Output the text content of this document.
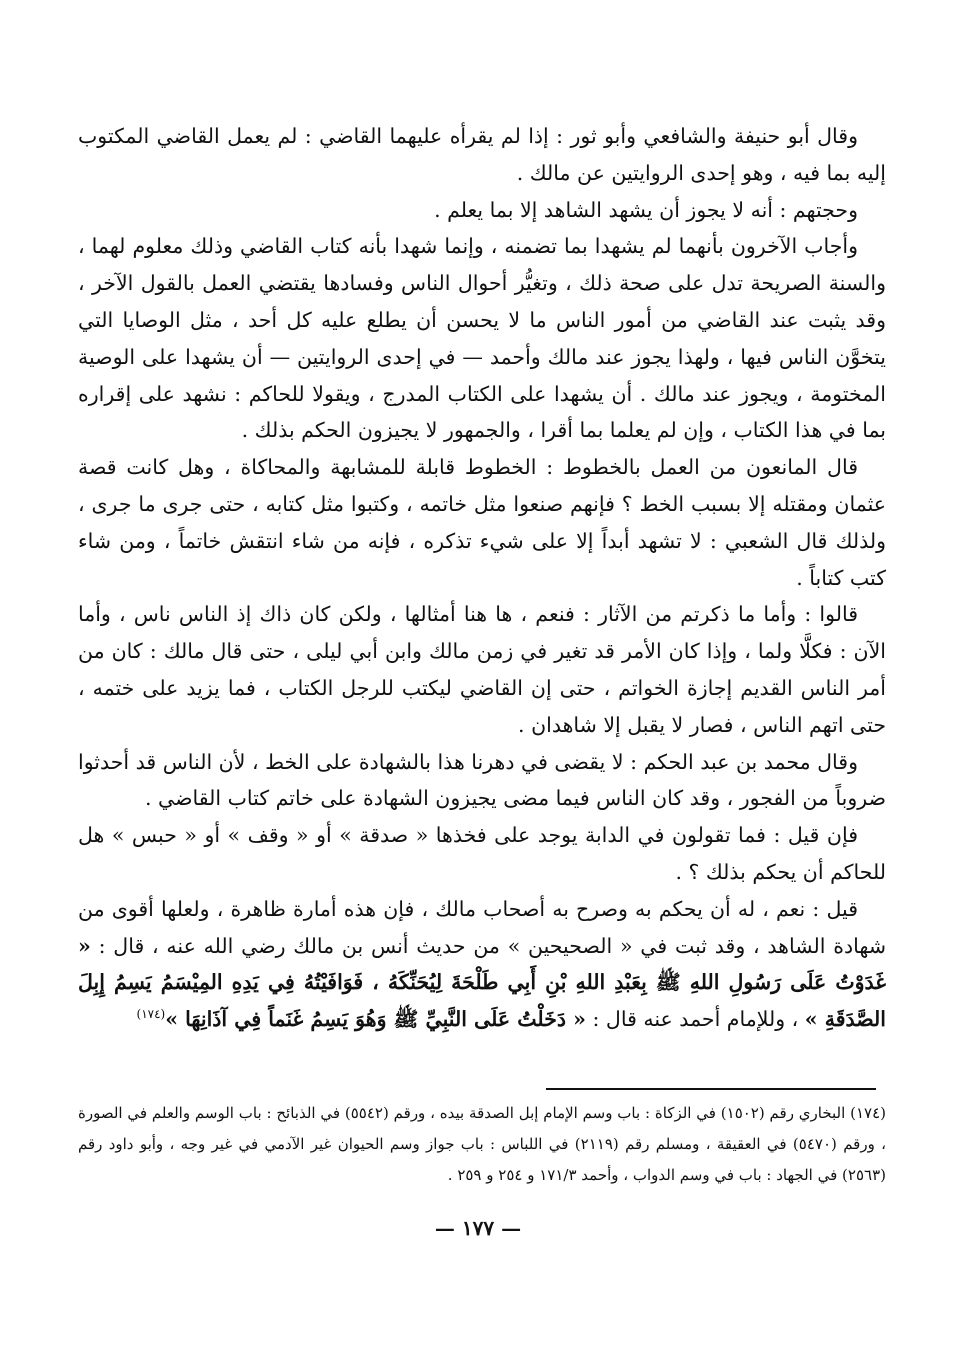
وقال أبو حنيفة والشافعي وأبو ثور : إذا لم يقرأه عليهما القاضي : لم يعمل القاضي المكتوب إليه بما فيه ، وهو إحدى الروايتين عن مالك .

وحجتهم : أنه لا يجوز أن يشهد الشاهد إلا بما يعلم .

وأجاب الآخرون بأنهما لم يشهدا بما تضمنه ، وإنما شهدا بأنه كتاب القاضي وذلك معلوم لهما ، والسنة الصريحة تدل على صحة ذلك ، وتغيُّر أحوال الناس وفسادها يقتضي العمل بالقول الآخر ، وقد يثبت عند القاضي من أمور الناس ما لا يحسن أن يطلع عليه كل أحد ، مثل الوصايا التي يتخوَّن الناس فيها ، ولهذا يجوز عند مالك وأحمد — في إحدى الروايتين — أن يشهدا على الوصية المختومة ، ويجوز عند مالك . أن يشهدا على الكتاب المدرج ، ويقولا للحاكم : نشهد على إقراره بما في هذا الكتاب ، وإن لم يعلما بما أقرا ، والجمهور لا يجيزون الحكم بذلك .

قال المانعون من العمل بالخطوط : الخطوط قابلة للمشابهة والمحاكاة ، وهل كانت قصة عثمان ومقتله إلا بسبب الخط ؟ فإنهم صنعوا مثل خاتمه ، وكتبوا مثل كتابه ، حتى جرى ما جرى ، ولذلك قال الشعبي : لا تشهد أبداً إلا على شيء تذكره ، فإنه من شاء انتقش خاتماً ، ومن شاء كتب كتاباً .

قالوا : وأما ما ذكرتم من الآثار : فنعم ، ها هنا أمثالها ، ولكن كان ذاك إذ الناس ناس ، وأما الآن : فكلَّا ولما ، وإذا كان الأمر قد تغير في زمن مالك وابن أبي ليلى ، حتى قال مالك : كان من أمر الناس القديم إجازة الخواتم ، حتى إن القاضي ليكتب للرجل الكتاب ، فما يزيد على ختمه ، حتى اتهم الناس ، فصار لا يقبل إلا شاهدان .

وقال محمد بن عبد الحكم : لا يقضى في دهرنا هذا بالشهادة على الخط ، لأن الناس قد أحدثوا ضروباً من الفجور ، وقد كان الناس فيما مضى يجيزون الشهادة على خاتم كتاب القاضي .

فإن قيل : فما تقولون في الدابة يوجد على فخذها « صدقة » أو « وقف » أو « حبس » هل للحاكم أن يحكم بذلك ؟ .

قيل : نعم ، له أن يحكم به وصرح به أصحاب مالك ، فإن هذه أمارة ظاهرة ، ولعلها أقوى من شهادة الشاهد ، وقد ثبت في « الصحيحين » من حديث أنس بن مالك رضي الله عنه ، قال : « غَدَوْتُ عَلَى رَسُولِ اللهِ ﷺ بِعَبْدِ اللهِ بْنِ أَبِي طَلْحَةَ لِيُحَنِّكَهُ ، فَوَافَيْتُهُ فِي يَدِهِ المِيْسَمُ يَسِمُ إِبِلَ الصَّدَقَةِ » ، وللإمام أحمد عنه قال : « دَخَلْتُ عَلَى النَّبِيِّ ﷺ وَهُوَ يَسِمُ غَنَماً فِي آذَانِهَا »$^{(١٧٤)}$

(١٧٤) البخاري رقم (١٥٠٢) في الزكاة : باب وسم الإمام إبل الصدقة بيده ، ورقم (٥٥٤٢) في الذبائح : باب الوسم والعلم في الصورة ، ورقم (٥٤٧٠) في العقيقة ، ومسلم رقم (٢١١٩) في اللباس : باب جواز وسم الحيوان غير الآدمي في غير وجه ، وأبو داود رقم (٢٥٦٣) في الجهاد : باب في وسم الدواب ، وأحمد ١٧١/٣ و ٢٥٤ و ٢٥٩ .

— ١٧٧ —
